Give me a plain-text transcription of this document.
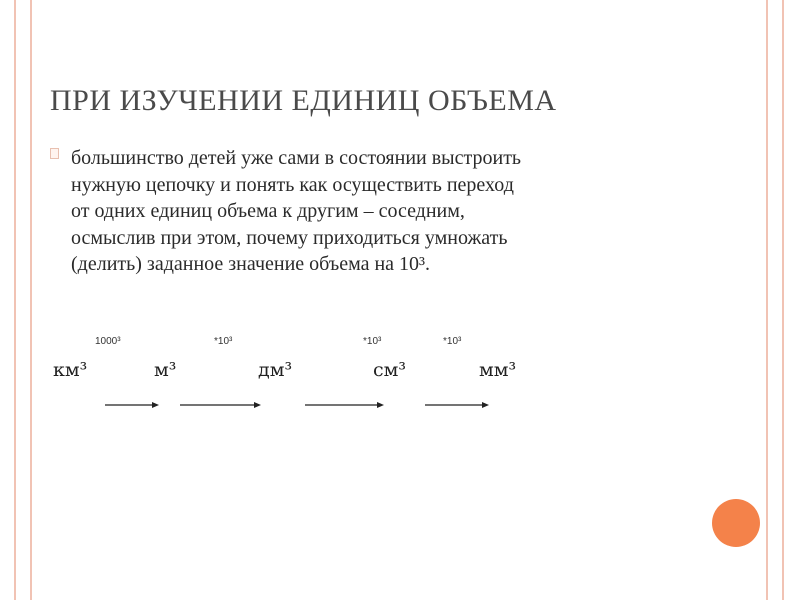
ПРИ ИЗУЧЕНИИ ЕДИНИЦ ОБЪЕМА
большинство детей уже сами в состоянии выстроить
нужную цепочку и понять как осуществить переход
от одних единиц объема к другим – соседним,
осмыслив при этом, почему приходиться умножать
(делить) заданное значение объема на 10³.
1000³	*10³	*10³	*10³
км³	м³	дм³	см³	мм³
